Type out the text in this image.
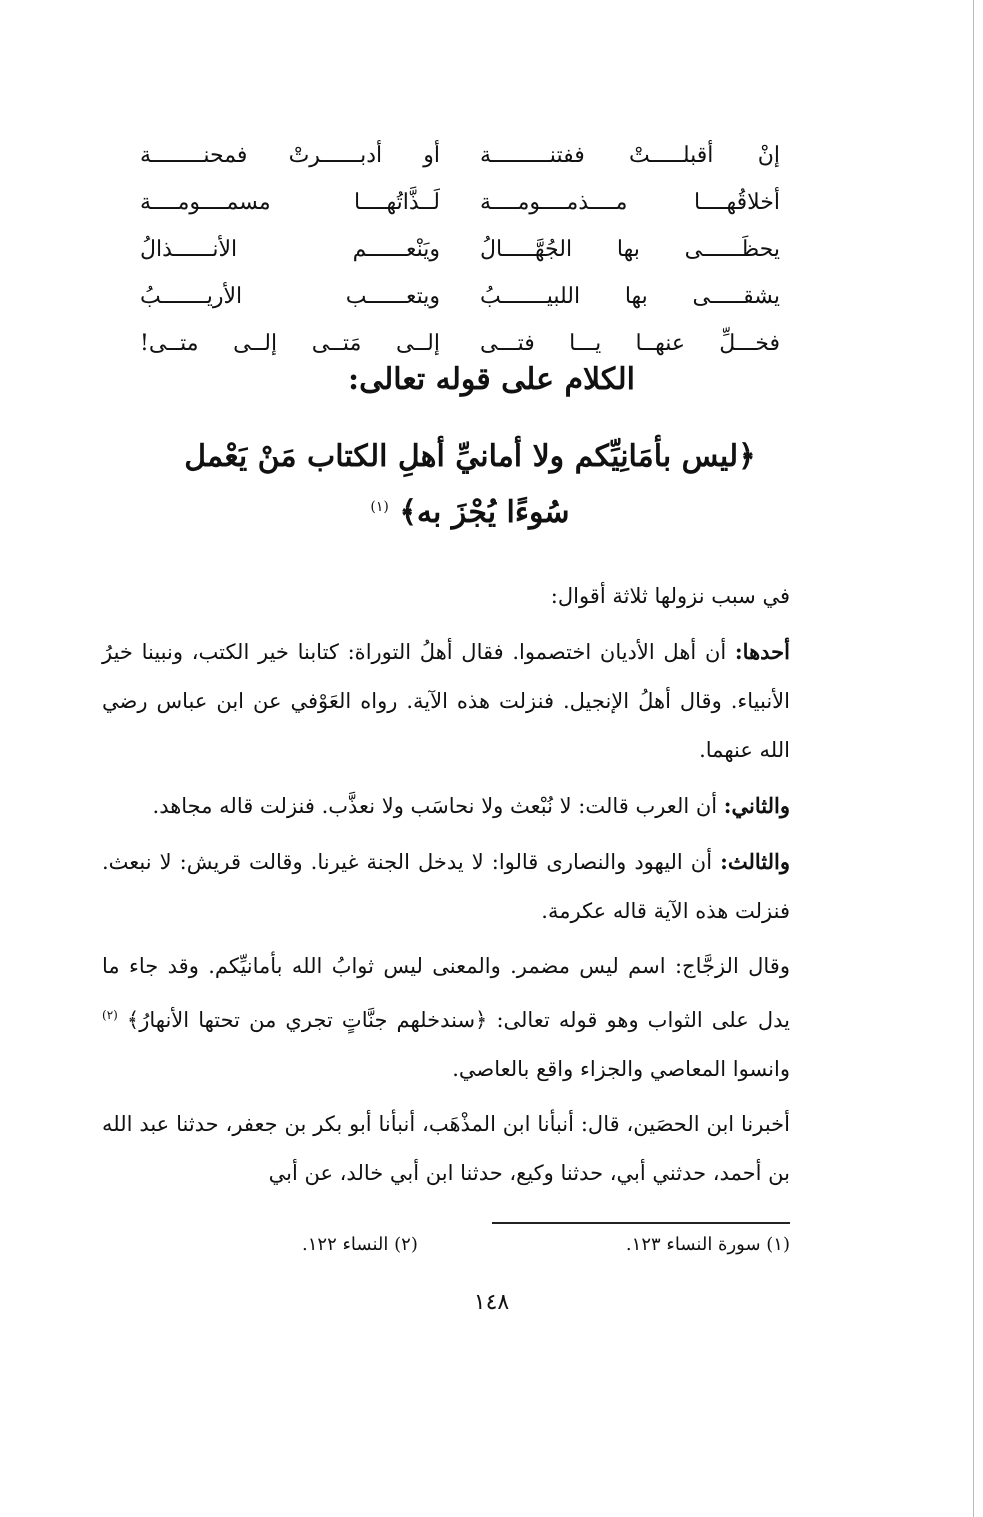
إنْ أقبلـــــتْ ففتنـــــــــة
أو أدبــــــرتْ فمحنــــــــة
أخلاقُهــــا مــــذمــــومــــة
لَــذَّاتُهــــا مسمــــومــــة
يحظَــــــى بها الجُهَّـــــالُ
ويَنْعــــــم الأنــــــذالُ
يشقـــــى بها اللبيـــــــبُ
ويتعــــــب الأريـــــــبُ
فخـــلِّ عنهــا يـــا فتـــى
إلــى مَتــى إلــى متــى!
الكلام على قوله تعالى:
﴿ليس بأمَانِيِّكم ولا أمانيِّ أهلِ الكتاب مَنْ يَعْمل
سُوءًا يُجْزَ به﴾ $^{(١)}$

في سبب نزولها ثلاثة أقوال:

أحدها: أن أهل الأديان اختصموا. فقال أهلُ التوراة: كتابنا خير الكتب، ونبينا خيرُ الأنبياء. وقال أهلُ الإنجيل. فنزلت هذه الآية. رواه العَوْفي عن ابن عباس رضي الله عنهما.

والثاني: أن العرب قالت: لا نُبْعث ولا نحاسَب ولا نعذَّب. فنزلت قاله مجاهد.

والثالث: أن اليهود والنصارى قالوا: لا يدخل الجنة غيرنا. وقالت قريش: لا نبعث. فنزلت هذه الآية قاله عكرمة.

وقال الزجَّاج: اسم ليس مضمر. والمعنى ليس ثوابُ الله بأمانيِّكم. وقد جاء ما يدل على الثواب وهو قوله تعالى: ﴿سندخلهم جنَّاتٍ تجري من تحتها الأنهارُ﴾ $^{(٢)}$ وانسوا المعاصي والجزاء واقع بالعاصي.

أخبرنا ابن الحصَين، قال: أنبأنا ابن المذْهَب، أنبأنا أبو بكر بن جعفر، حدثنا عبد الله بن أحمد، حدثني أبي، حدثنا وكيع، حدثنا ابن أبي خالد، عن أبي

(١) سورة النساء ١٢٣.
(٢) النساء ١٢٢.
١٤٨
